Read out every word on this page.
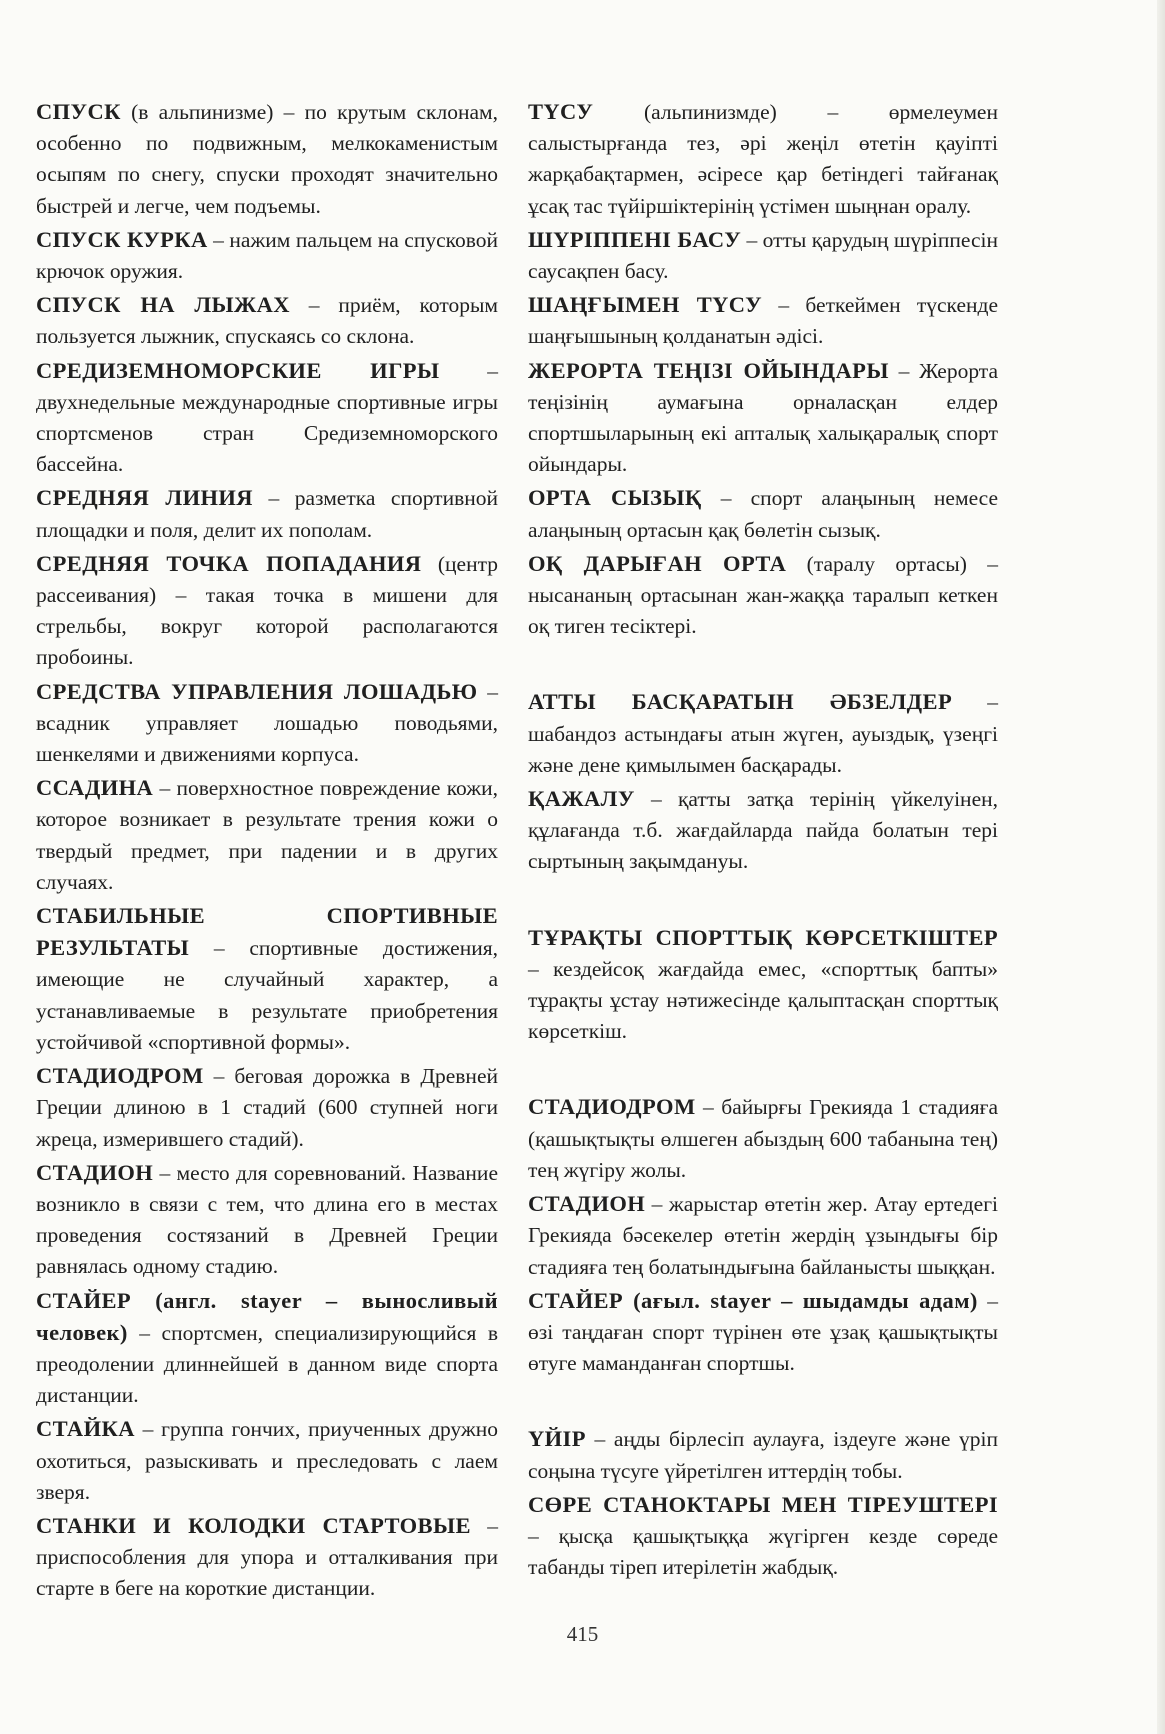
СПУСК (в альпинизме) – по крутым склонам, особенно по подвижным, мелкокаменистым осыпям по снегу, спуски проходят значительно быстрей и легче, чем подъемы.

СПУСК КУРКА – нажим пальцем на спусковой крючок оружия.

СПУСК НА ЛЫЖАХ – приём, которым пользуется лыжник, спускаясь со склона.

СРЕДИЗЕМНОМОРСКИЕ ИГРЫ – двухнедельные международные спортивные игры спортсменов стран Средиземноморского бассейна.

СРЕДНЯЯ ЛИНИЯ – разметка спортивной площадки и поля, делит их пополам.

СРЕДНЯЯ ТОЧКА ПОПАДАНИЯ (центр рассеивания) – такая точка в мишени для стрельбы, вокруг которой располагаются пробоины.

СРЕДСТВА УПРАВЛЕНИЯ ЛОШАДЬЮ – всадник управляет лошадью поводьями, шенкелями и движениями корпуса.

ССАДИНА – поверхностное повреждение кожи, которое возникает в результате трения кожи о твердый предмет, при падении и в других случаях.

СТАБИЛЬНЫЕ СПОРТИВНЫЕ РЕЗУЛЬТАТЫ – спортивные достижения, имеющие не случайный характер, а устанавливаемые в результате приобретения устойчивой «спортивной формы».

СТАДИОДРОМ – беговая дорожка в Древней Греции длиною в 1 стадий (600 ступней ноги жреца, измерившего стадий).

СТАДИОН – место для соревнований. Название возникло в связи с тем, что длина его в местах проведения состязаний в Древней Греции равнялась одному стадию.

СТАЙЕР (англ. stayer – выносливый человек) – спортсмен, специализирующийся в преодолении длиннейшей в данном виде спорта дистанции.

СТАЙКА – группа гончих, приученных дружно охотиться, разыскивать и преследовать с лаем зверя.

СТАНКИ И КОЛОДКИ СТАРТОВЫЕ – приспособления для упора и отталкивания при старте в беге на короткие дистанции.

ТҮСУ (альпинизмде) – өрмелеумен салыстырғанда тез, әрі жеңіл өтетін қауіпті жарқабақтармен, әсіресе қар бетіндегі тайғанақ ұсақ тас түйіршіктерінің үстімен шыңнан оралу.

ШҮРІППЕНІ БАСУ – отты қарудың шүріппесін саусақпен басу.

ШАҢҒЫМЕН ТҮСУ – беткеймен түскенде шаңғышының қолданатын әдісі.

ЖЕРОРТА ТЕҢІЗІ ОЙЫНДАРЫ – Жерорта теңізінің аумағына орналасқан елдер спортшыларының екі апталық халықаралық спорт ойындары.

ОРТА СЫЗЫҚ – спорт алаңының немесе алаңының ортасын қақ бөлетін сызық.

ОҚ ДАРЫҒАН ОРТА (таралу ортасы) – нысананың ортасынан жан-жаққа таралып кеткен оқ тиген тесіктері.

АТТЫ БАСҚАРАТЫН ӘБЗЕЛДЕР – шабандоз астындағы атын жүген, ауыздық, үзеңгі және дене қимылымен басқарады.

ҚАЖАЛУ – қатты затқа терінің үйкелуінен, құлағанда т.б. жағдайларда пайда болатын тері сыртының зақымдануы.

ТҰРАҚТЫ СПОРТТЫҚ КӨРСЕТКІШТЕР – кездейсоқ жағдайда емес, «спорттық бапты» тұрақты ұстау нәтижесінде қалыптасқан спорттық көрсеткіш.

СТАДИОДРОМ – байырғы Грекияда 1 стадияға (қашықтықты өлшеген абыздың 600 табанына тең) тең жүгіру жолы.

СТАДИОН – жарыстар өтетін жер. Атау ертедегі Грекияда бәсекелер өтетін жердің ұзындығы бір стадияға тең болатындығына байланысты шыққан.

СТАЙЕР (ағыл. stayer – шыдамды адам) – өзі таңдаған спорт түрінен өте ұзақ қашықтықты өтуге маманданған спортшы.

ҮЙІР – аңды бірлесіп аулауға, іздеуге және үріп соңына түсуге үйретілген иттердің тобы.

СӨРЕ СТАНОКТАРЫ МЕН ТІРЕУШТЕРІ – қысқа қашықтыққа жүгірген кезде сөреде табанды тіреп итерілетін жабдық.

415
